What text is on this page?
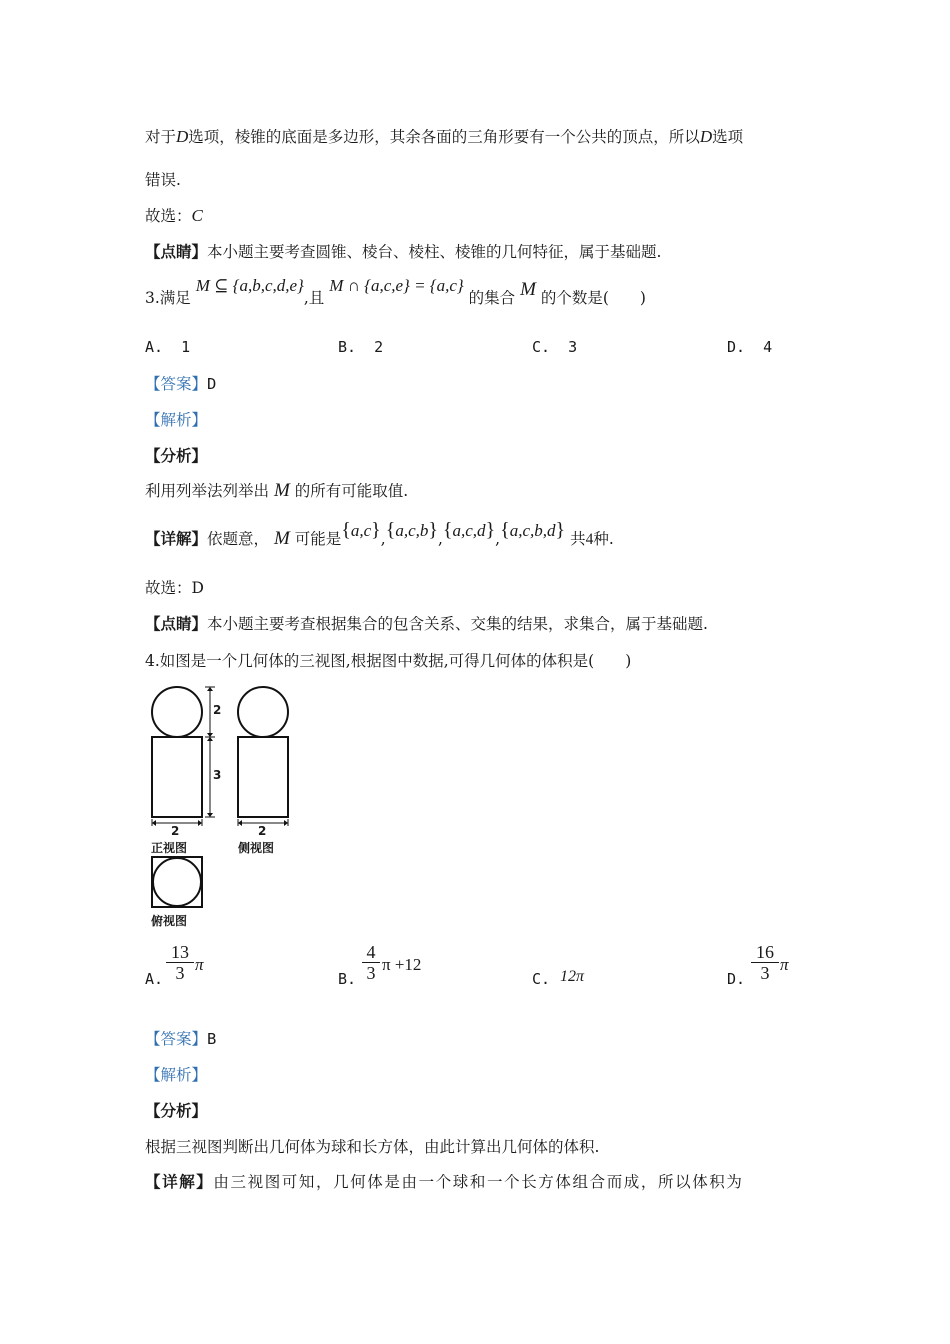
对于D选项，棱锥的底面是多边形，其余各面的三角形要有一个公共的顶点，所以D选项
错误.
故选：C
【点睛】本小题主要考查圆锥、棱台、棱柱、棱锥的几何特征，属于基础题.
3.满足 M ⊆ {a,b,c,d,e},且 M ∩ {a,c,e} = {a,c} 的集合 M 的个数是(　　)
A. 1	B. 2	C. 3	D. 4
【答案】D
【解析】
【分析】
利用列举法列举出 M 的所有可能取值.
【详解】依题意， M 可能是{a,c},{a,c,b},{a,c,d},{a,c,b,d} 共4种.
故选：D
【点睛】本小题主要考查根据集合的包含关系、交集的结果，求集合，属于基础题.
4.如图是一个几何体的三视图,根据图中数据,可得几何体的体积是(　　)
2
3
2	2
正视图	侧视图
俯视图
A. $\frac{13}{3}$ π
B. $\frac{4}{3}$ π +12
C. 12π	D. $\frac{16}{3}$ π
【答案】B
【解析】
【分析】
根据三视图判断出几何体为球和长方体，由此计算出几何体的体积.
【详解】由三视图可知，几何体是由一个球和一个长方体组合而成，所以体积为
